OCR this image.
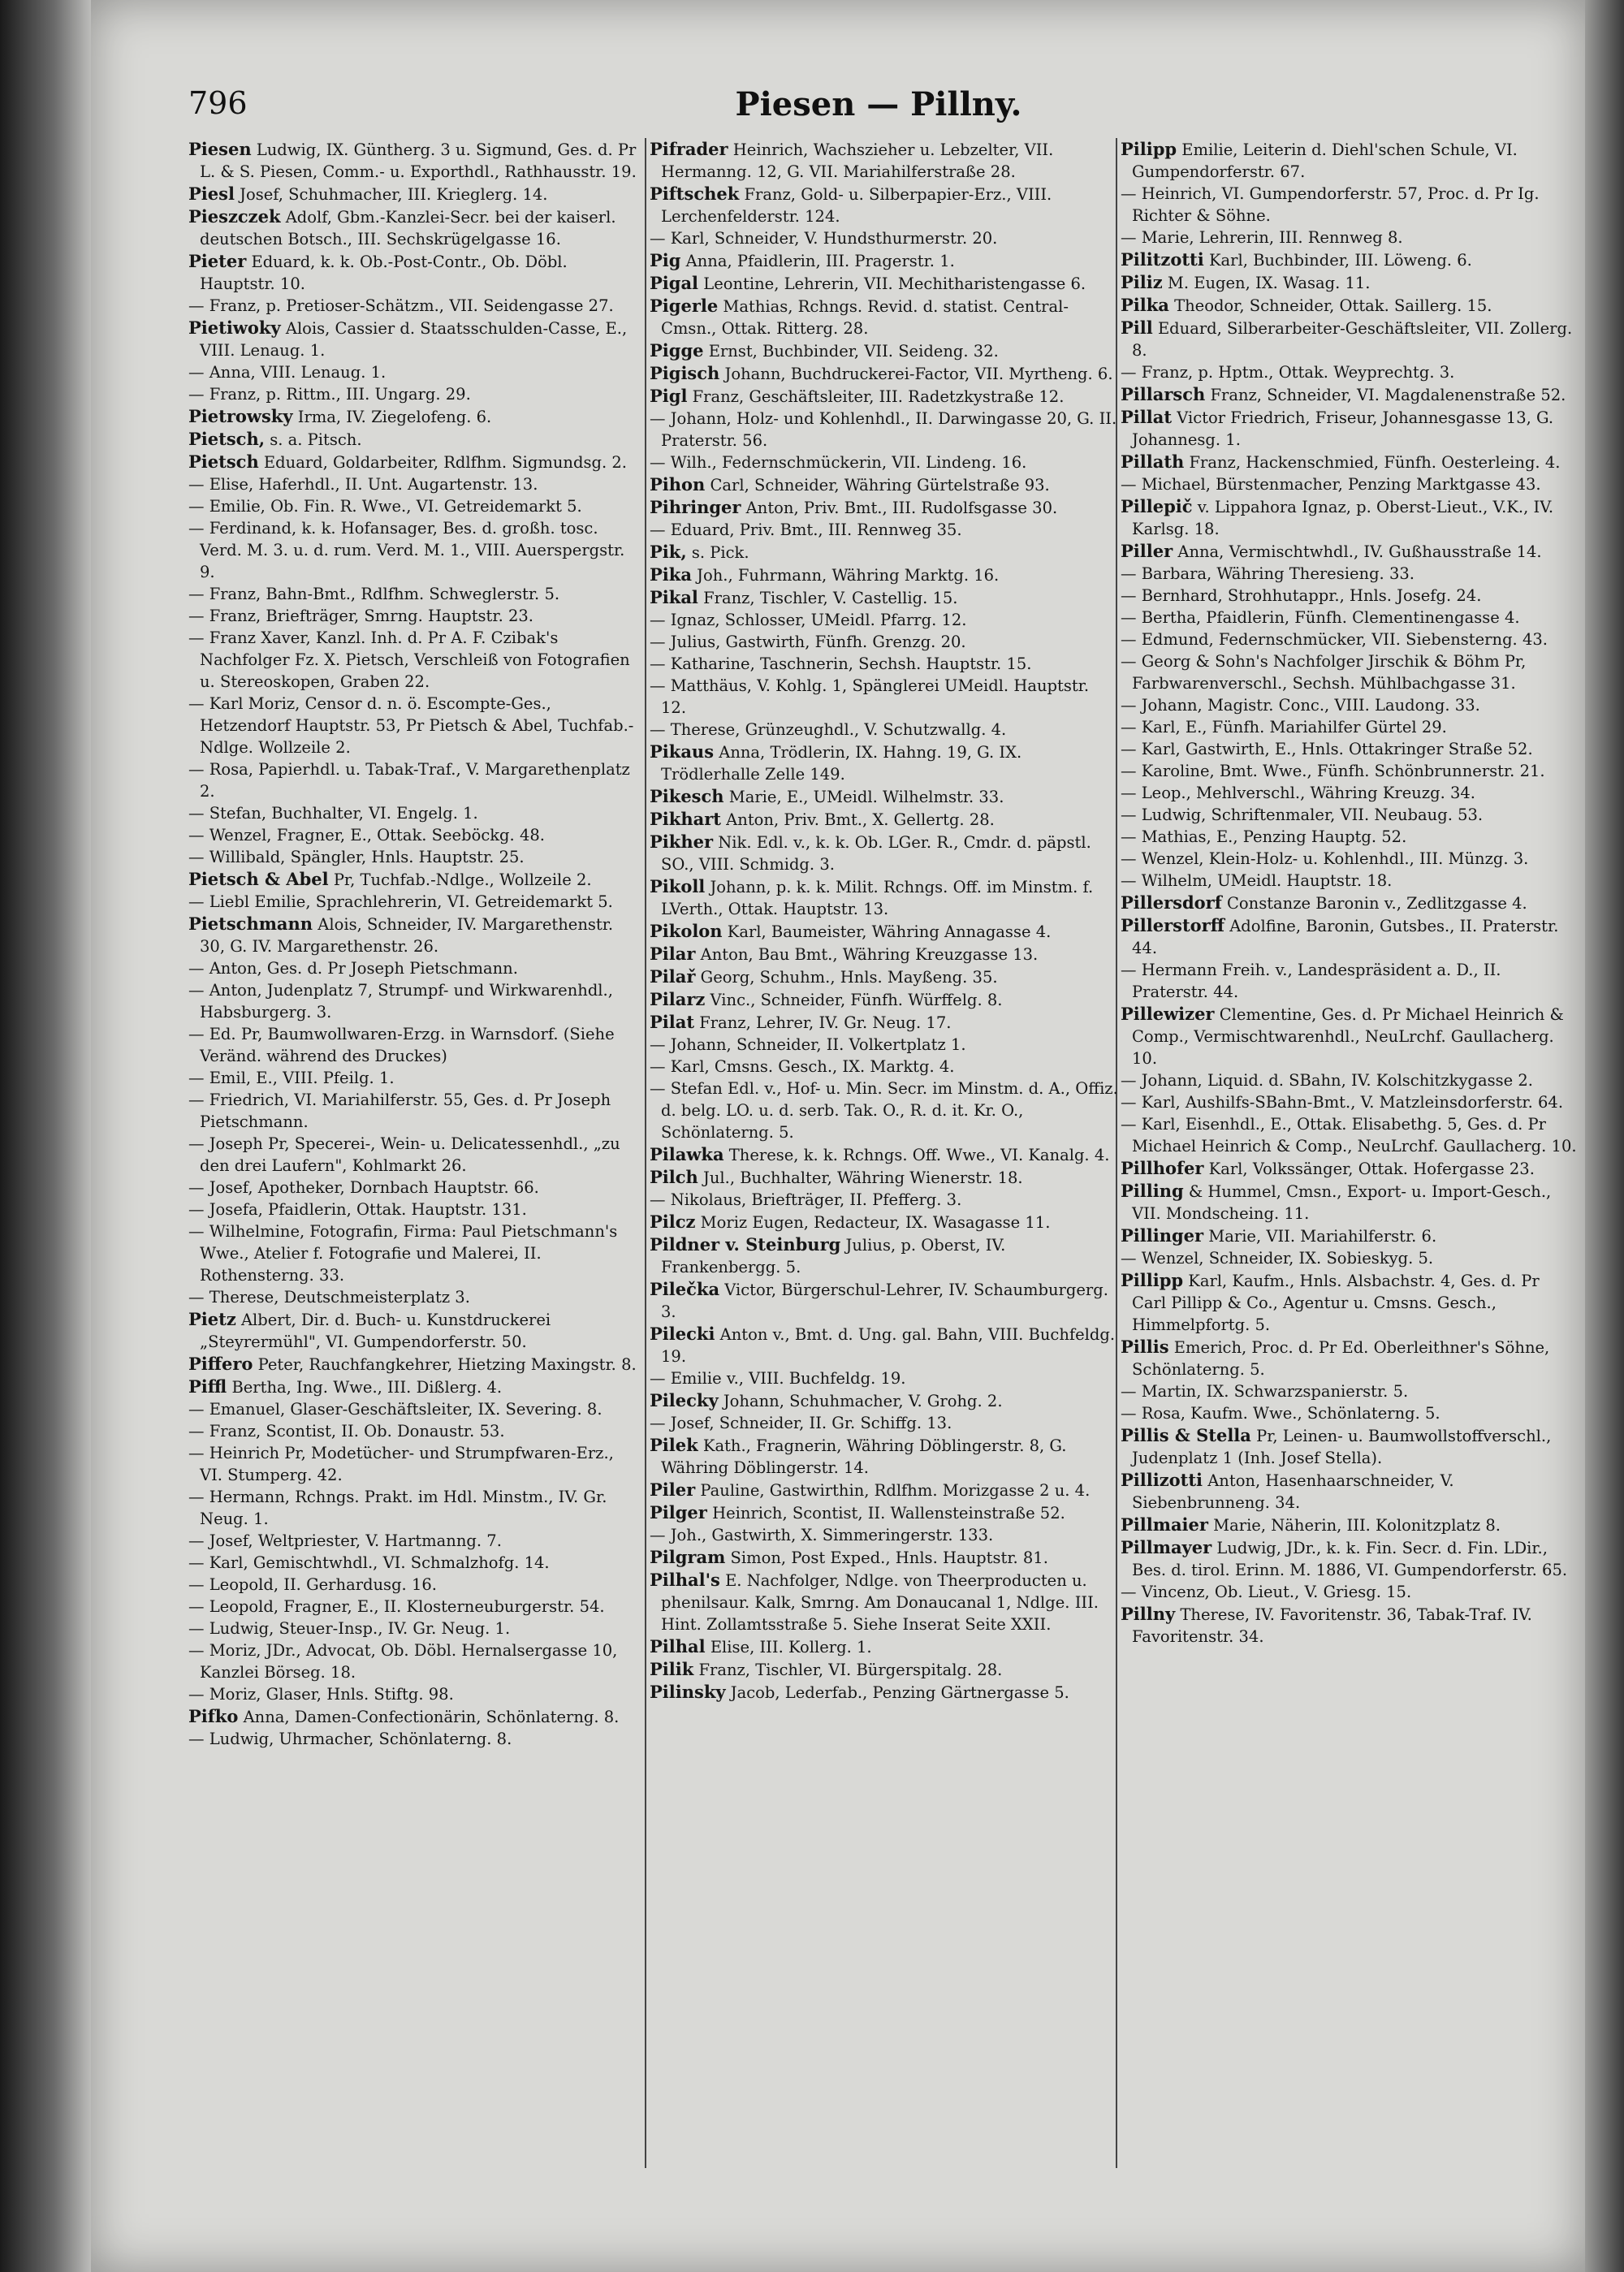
796	Piesen — Pillny.

Piesen Ludwig, IX. Güntherg. 3 u. Sigmund, Ges. d. Pr L. & S. Piesen, Comm.- u. Exporthdl., Rathhausstr. 19.

Piesl Josef, Schuhmacher, III. Krieglerg. 14.

Pieszczek Adolf, Gbm.-Kanzlei-Secr. bei der kaiserl. deutschen Botsch., III. Sechskrügelgasse 16.

Pieter Eduard, k. k. Ob.-Post-Contr., Ob. Döbl. Hauptstr. 10.

— Franz, p. Pretioser-Schätzm., VII. Seidengasse 27.

Pietiwoky Alois, Cassier d. Staatsschulden-Casse, E., VIII. Lenaug. 1.

— Anna, VIII. Lenaug. 1.

— Franz, p. Rittm., III. Ungarg. 29.

Pietrowsky Irma, IV. Ziegelofeng. 6.

Pietsch, s. a. Pitsch.

Pietsch Eduard, Goldarbeiter, Rdlfhm. Sigmundsg. 2.

— Elise, Haferhdl., II. Unt. Augartenstr. 13.

— Emilie, Ob. Fin. R. Wwe., VI. Getreidemarkt 5.

— Ferdinand, k. k. Hofansager, Bes. d. großh. tosc. Verd. M. 3. u. d. rum. Verd. M. 1., VIII. Auerspergstr. 9.

— Franz, Bahn-Bmt., Rdlfhm. Schweglerstr. 5.

— Franz, Briefträger, Smrng. Hauptstr. 23.

— Franz Xaver, Kanzl. Inh. d. Pr A. F. Czibak's Nachfolger Fz. X. Pietsch, Verschleiß von Fotografien u. Stereoskopen, Graben 22.

— Karl Moriz, Censor d. n. ö. Escompte-Ges., Hetzendorf Hauptstr. 53, Pr Pietsch & Abel, Tuchfab.-Ndlge. Wollzeile 2.

— Rosa, Papierhdl. u. Tabak-Traf., V. Margarethenplatz 2.

— Stefan, Buchhalter, VI. Engelg. 1.

— Wenzel, Fragner, E., Ottak. Seeböckg. 48.

— Willibald, Spängler, Hnls. Hauptstr. 25.

Pietsch & Abel Pr, Tuchfab.-Ndlge., Wollzeile 2.

— Liebl Emilie, Sprachlehrerin, VI. Getreidemarkt 5.

Pietschmann Alois, Schneider, IV. Margarethenstr. 30, G. IV. Margarethenstr. 26.

— Anton, Ges. d. Pr Joseph Pietschmann.

— Anton, Judenplatz 7, Strumpf- und Wirkwarenhdl., Habsburgerg. 3.

— Ed. Pr, Baumwollwaren-Erzg. in Warnsdorf. (Siehe Veränd. während des Druckes)

— Emil, E., VIII. Pfeilg. 1.

— Friedrich, VI. Mariahilferstr. 55, Ges. d. Pr Joseph Pietschmann.

— Joseph Pr, Specerei-, Wein- u. Delicatessenhdl., „zu den drei Laufern", Kohlmarkt 26.

— Josef, Apotheker, Dornbach Hauptstr. 66.

— Josefa, Pfaidlerin, Ottak. Hauptstr. 131.

— Wilhelmine, Fotografin, Firma: Paul Pietschmann's Wwe., Atelier f. Fotografie und Malerei, II. Rothensterng. 33.

— Therese, Deutschmeisterplatz 3.

Pietz Albert, Dir. d. Buch- u. Kunstdruckerei „Steyrermühl", VI. Gumpendorferstr. 50.

Piffero Peter, Rauchfangkehrer, Hietzing Maxingstr. 8.

Piffl Bertha, Ing. Wwe., III. Dißlerg. 4.

— Emanuel, Glaser-Geschäftsleiter, IX. Severing. 8.

— Franz, Scontist, II. Ob. Donaustr. 53.

— Heinrich Pr, Modetücher- und Strumpfwaren-Erz., VI. Stumperg. 42.

— Hermann, Rchngs. Prakt. im Hdl. Minstm., IV. Gr. Neug. 1.

— Josef, Weltpriester, V. Hartmanng. 7.

— Karl, Gemischtwhdl., VI. Schmalzhofg. 14.

— Leopold, II. Gerhardusg. 16.

— Leopold, Fragner, E., II. Klosterneuburgerstr. 54.

— Ludwig, Steuer-Insp., IV. Gr. Neug. 1.

— Moriz, JDr., Advocat, Ob. Döbl. Hernalsergasse 10, Kanzlei Börseg. 18.

— Moriz, Glaser, Hnls. Stiftg. 98.

Pifko Anna, Damen-Confectionärin, Schönlaterng. 8.

— Ludwig, Uhrmacher, Schönlaterng. 8.

Pifrader Heinrich, Wachszieher u. Lebzelter, VII. Hermanng. 12, G. VII. Mariahilferstraße 28.

Piftschek Franz, Gold- u. Silberpapier-Erz., VIII. Lerchenfelderstr. 124.

— Karl, Schneider, V. Hundsthurmerstr. 20.

Pig Anna, Pfaidlerin, III. Pragerstr. 1.

Pigal Leontine, Lehrerin, VII. Mechitharistengasse 6.

Pigerle Mathias, Rchngs. Revid. d. statist. Central-Cmsn., Ottak. Ritterg. 28.

Pigge Ernst, Buchbinder, VII. Seideng. 32.

Pigisch Johann, Buchdruckerei-Factor, VII. Myrtheng. 6.

Pigl Franz, Geschäftsleiter, III. Radetzkystraße 12.

— Johann, Holz- und Kohlenhdl., II. Darwingasse 20, G. II. Praterstr. 56.

— Wilh., Federnschmückerin, VII. Lindeng. 16.

Pihon Carl, Schneider, Währing Gürtelstraße 93.

Pihringer Anton, Priv. Bmt., III. Rudolfsgasse 30.

— Eduard, Priv. Bmt., III. Rennweg 35.

Pik, s. Pick.

Pika Joh., Fuhrmann, Währing Marktg. 16.

Pikal Franz, Tischler, V. Castellig. 15.

— Ignaz, Schlosser, UMeidl. Pfarrg. 12.

— Julius, Gastwirth, Fünfh. Grenzg. 20.

— Katharine, Taschnerin, Sechsh. Hauptstr. 15.

— Matthäus, V. Kohlg. 1, Spänglerei UMeidl. Hauptstr. 12.

— Therese, Grünzeughdl., V. Schutzwallg. 4.

Pikaus Anna, Trödlerin, IX. Hahng. 19, G. IX. Trödlerhalle Zelle 149.

Pikesch Marie, E., UMeidl. Wilhelmstr. 33.

Pikhart Anton, Priv. Bmt., X. Gellertg. 28.

Pikher Nik. Edl. v., k. k. Ob. LGer. R., Cmdr. d. päpstl. SO., VIII. Schmidg. 3.

Pikoll Johann, p. k. k. Milit. Rchngs. Off. im Minstm. f. LVerth., Ottak. Hauptstr. 13.

Pikolon Karl, Baumeister, Währing Annagasse 4.

Pilar Anton, Bau Bmt., Währing Kreuzgasse 13.

Pilař Georg, Schuhm., Hnls. Mayßeng. 35.

Pilarz Vinc., Schneider, Fünfh. Würffelg. 8.

Pilat Franz, Lehrer, IV. Gr. Neug. 17.

— Johann, Schneider, II. Volkertplatz 1.

— Karl, Cmsns. Gesch., IX. Marktg. 4.

— Stefan Edl. v., Hof- u. Min. Secr. im Minstm. d. A., Offiz. d. belg. LO. u. d. serb. Tak. O., R. d. it. Kr. O., Schönlaterng. 5.

Pilawka Therese, k. k. Rchngs. Off. Wwe., VI. Kanalg. 4.

Pilch Jul., Buchhalter, Währing Wienerstr. 18.

— Nikolaus, Briefträger, II. Pfefferg. 3.

Pilcz Moriz Eugen, Redacteur, IX. Wasagasse 11.

Pildner v. Steinburg Julius, p. Oberst, IV. Frankenbergg. 5.

Pilečka Victor, Bürgerschul-Lehrer, IV. Schaumburgerg. 3.

Pilecki Anton v., Bmt. d. Ung. gal. Bahn, VIII. Buchfeldg. 19.

— Emilie v., VIII. Buchfeldg. 19.

Pilecky Johann, Schuhmacher, V. Grohg. 2.

— Josef, Schneider, II. Gr. Schiffg. 13.

Pilek Kath., Fragnerin, Währing Döblingerstr. 8, G. Währing Döblingerstr. 14.

Piler Pauline, Gastwirthin, Rdlfhm. Morizgasse 2 u. 4.

Pilger Heinrich, Scontist, II. Wallensteinstraße 52.

— Joh., Gastwirth, X. Simmeringerstr. 133.

Pilgram Simon, Post Exped., Hnls. Hauptstr. 81.

Pilhal's E. Nachfolger, Ndlge. von Theerproducten u. phenilsaur. Kalk, Smrng. Am Donaucanal 1, Ndlge. III. Hint. Zollamtsstraße 5. Siehe Inserat Seite XXII.

Pilhal Elise, III. Kollerg. 1.

Pilik Franz, Tischler, VI. Bürgerspitalg. 28.

Pilinsky Jacob, Lederfab., Penzing Gärtnergasse 5.

Pilipp Emilie, Leiterin d. Diehl'schen Schule, VI. Gumpendorferstr. 67.

— Heinrich, VI. Gumpendorferstr. 57, Proc. d. Pr Ig. Richter & Söhne.

— Marie, Lehrerin, III. Rennweg 8.

Pilitzotti Karl, Buchbinder, III. Löweng. 6.

Piliz M. Eugen, IX. Wasag. 11.

Pilka Theodor, Schneider, Ottak. Saillerg. 15.

Pill Eduard, Silberarbeiter-Geschäftsleiter, VII. Zollerg. 8.

— Franz, p. Hptm., Ottak. Weyprechtg. 3.

Pillarsch Franz, Schneider, VI. Magdalenenstraße 52.

Pillat Victor Friedrich, Friseur, Johannesgasse 13, G. Johannesg. 1.

Pillath Franz, Hackenschmied, Fünfh. Oesterleing. 4.

— Michael, Bürstenmacher, Penzing Marktgasse 43.

Pillepič v. Lippahora Ignaz, p. Oberst-Lieut., V.K., IV. Karlsg. 18.

Piller Anna, Vermischtwhdl., IV. Gußhausstraße 14.

— Barbara, Währing Theresieng. 33.

— Bernhard, Strohhutappr., Hnls. Josefg. 24.

— Bertha, Pfaidlerin, Fünfh. Clementinengasse 4.

— Edmund, Federnschmücker, VII. Siebensterng. 43.

— Georg & Sohn's Nachfolger Jirschik & Böhm Pr, Farbwarenverschl., Sechsh. Mühlbachgasse 31.

— Johann, Magistr. Conc., VIII. Laudong. 33.

— Karl, E., Fünfh. Mariahilfer Gürtel 29.

— Karl, Gastwirth, E., Hnls. Ottakringer Straße 52.

— Karoline, Bmt. Wwe., Fünfh. Schönbrunnerstr. 21.

— Leop., Mehlverschl., Währing Kreuzg. 34.

— Ludwig, Schriftenmaler, VII. Neubaug. 53.

— Mathias, E., Penzing Hauptg. 52.

— Wenzel, Klein-Holz- u. Kohlenhdl., III. Münzg. 3.

— Wilhelm, UMeidl. Hauptstr. 18.

Pillersdorf Constanze Baronin v., Zedlitzgasse 4.

Pillerstorff Adolfine, Baronin, Gutsbes., II. Praterstr. 44.

— Hermann Freih. v., Landespräsident a. D., II. Praterstr. 44.

Pillewizer Clementine, Ges. d. Pr Michael Heinrich & Comp., Vermischtwarenhdl., NeuLrchf. Gaullacherg. 10.

— Johann, Liquid. d. SBahn, IV. Kolschitzkygasse 2.

— Karl, Aushilfs-SBahn-Bmt., V. Matzleinsdorferstr. 64.

— Karl, Eisenhdl., E., Ottak. Elisabethg. 5, Ges. d. Pr Michael Heinrich & Comp., NeuLrchf. Gaullacherg. 10.

Pillhofer Karl, Volkssänger, Ottak. Hofergasse 23.

Pilling & Hummel, Cmsn., Export- u. Import-Gesch., VII. Mondscheing. 11.

Pillinger Marie, VII. Mariahilferstr. 6.

— Wenzel, Schneider, IX. Sobieskyg. 5.

Pillipp Karl, Kaufm., Hnls. Alsbachstr. 4, Ges. d. Pr Carl Pillipp & Co., Agentur u. Cmsns. Gesch., Himmelpfortg. 5.

Pillis Emerich, Proc. d. Pr Ed. Oberleithner's Söhne, Schönlaterng. 5.

— Martin, IX. Schwarzspanierstr. 5.

— Rosa, Kaufm. Wwe., Schönlaterng. 5.

Pillis & Stella Pr, Leinen- u. Baumwollstoffverschl., Judenplatz 1 (Inh. Josef Stella).

Pillizotti Anton, Hasenhaarschneider, V. Siebenbrunneng. 34.

Pillmaier Marie, Näherin, III. Kolonitzplatz 8.

Pillmayer Ludwig, JDr., k. k. Fin. Secr. d. Fin. LDir., Bes. d. tirol. Erinn. M. 1886, VI. Gumpendorferstr. 65.

— Vincenz, Ob. Lieut., V. Griesg. 15.

Pillny Therese, IV. Favoritenstr. 36, Tabak-Traf. IV. Favoritenstr. 34.
